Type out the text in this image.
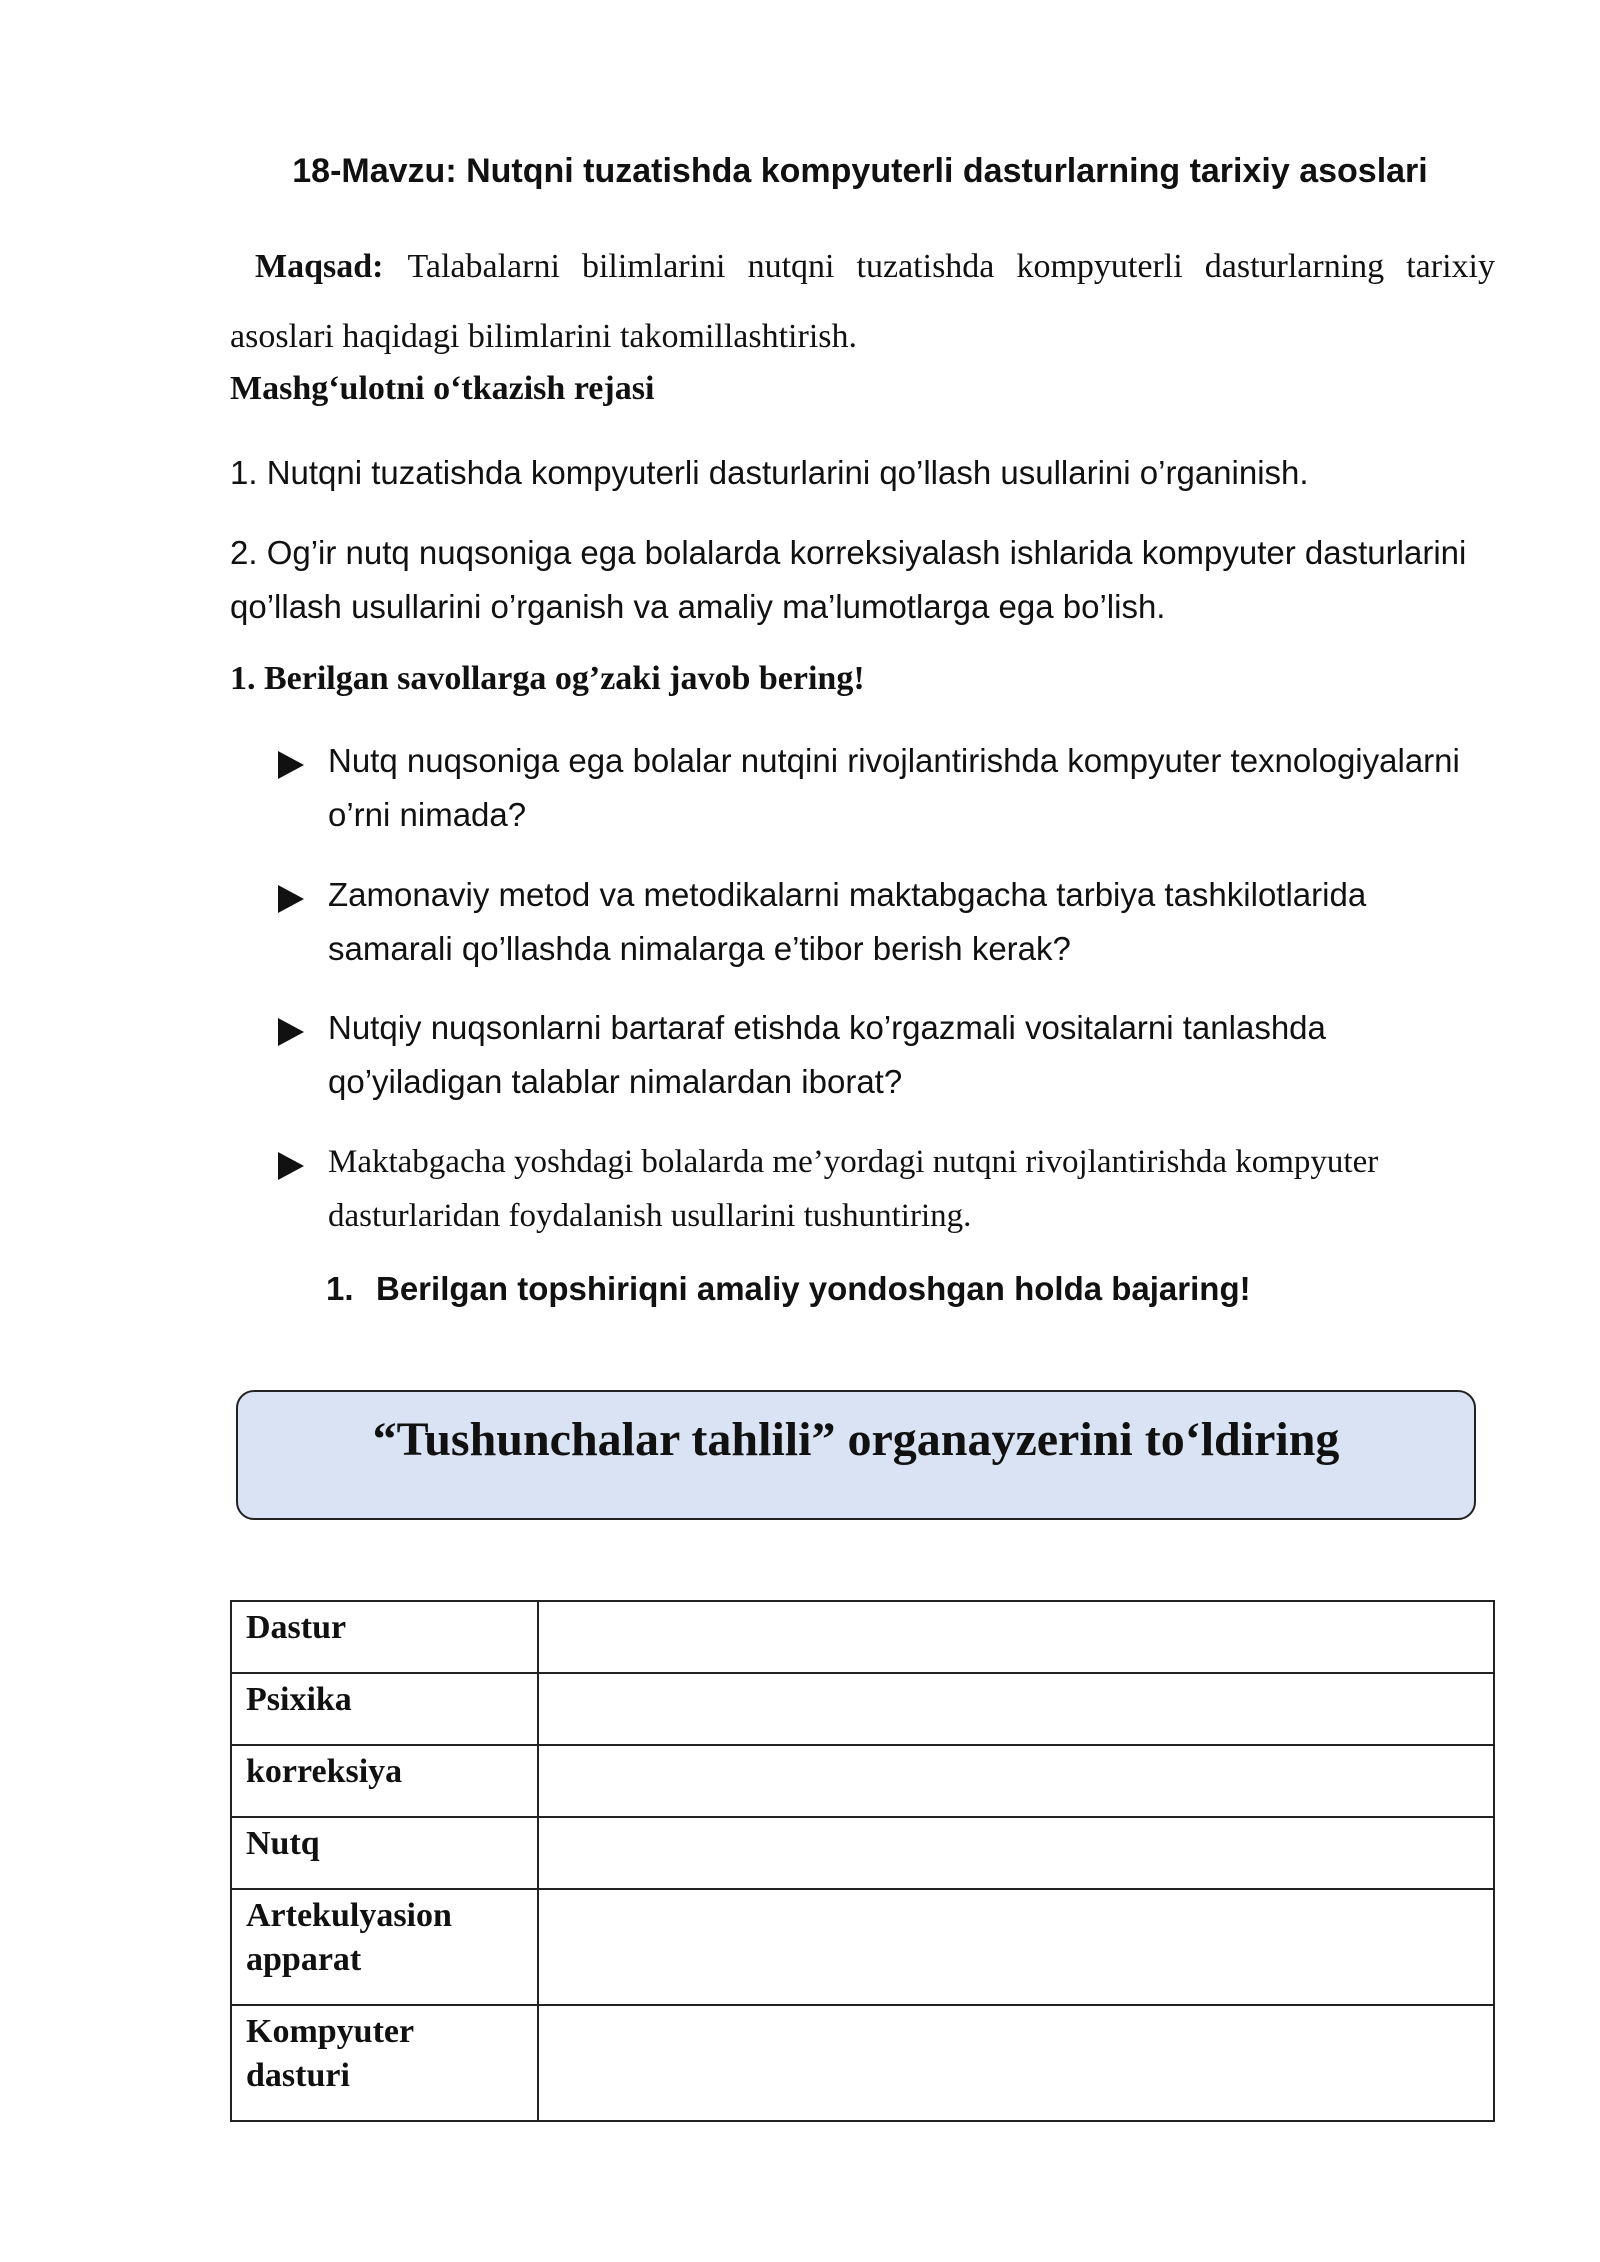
18-Mavzu: Nutqni tuzatishda kompyuterli dasturlarning tarixiy asoslari
Maqsad: Talabalarni bilimlarini nutqni tuzatishda kompyuterli dasturlarning tarixiy asoslari haqidagi bilimlarini takomillashtirish.
Mashg‘ulotni o‘tkazish rejasi
1. Nutqni tuzatishda kompyuterli dasturlarini qo’llash usullarini o’rganinish.
2. Og’ir nutq nuqsoniga ega bolalarda korreksiyalash ishlarida kompyuter dasturlarini qo’llash usullarini o’rganish va amaliy ma’lumotlarga ega bo’lish.
1. Berilgan savollarga og’zaki javob bering!
Nutq nuqsoniga ega bolalar nutqini rivojlantirishda kompyuter texnologiyalarni o’rni nimada?
Zamonaviy metod va metodikalarni maktabgacha tarbiya tashkilotlarida samarali qo’llashda nimalarga e’tibor berish kerak?
Nutqiy nuqsonlarni bartaraf etishda ko’rgazmali vositalarni tanlashda qo’yiladigan talablar nimalardan iborat?
Maktabgacha yoshdagi bolalarda me’yordagi nutqni rivojlantirishda kompyuter dasturlaridan foydalanish usullarini tushuntiring.
1. Berilgan topshiriqni amaliy yondoshgan holda bajaring!
“Tushunchalar tahlili” organayzerini to‘ldiring
Dastur	
Psixika	
korreksiya	
Nutq	
Artekulyasion apparat	
Kompyuter dasturi	
